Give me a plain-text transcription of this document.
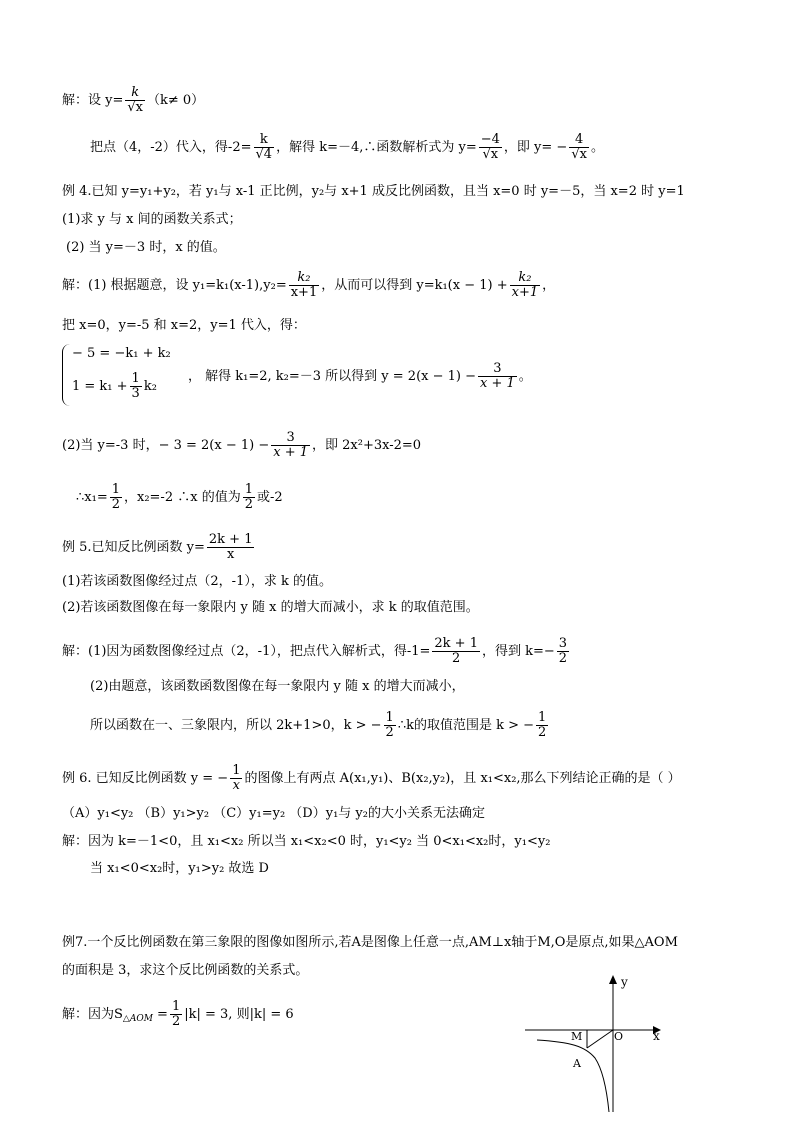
解：设 $y= \frac{k}{√x} (k\ne 0)$
把点（4，-2）代入，得$-2= \frac{k}{√4}$ ，解得 k=－4,∴函数解析式为 $y= \frac{-4}{√x}$ ，即 $y= - \frac{4}{√x}$ 。
例 4.已知 y=y₁+y₂，若 y₁与 x-1 正比例，y₂与 x+1 成反比例函数，且当 x=0 时 y=－5，当 x=2 时 y=1
(1)求 y 与 x 间的函数关系式；
(2) 当 y=－3 时，x 的值。
解：(1) 根据题意，设 $y_1=k_1(x-1),y_2= \frac{\text{k₂}}{x+1}$ ，从而可以得到 $y=k_1(x - 1) + \frac{\text{k₂}}{x+1}$ ，
把 x=0，y=-5 和 x=2，y=1 代入，得：
− 5 = −k₁ + k₂
$1 = k_1 + \frac{1}{3} k_2$
， 解得 k₁=2, k₂=－3 所以得到 $y = 2(x - 1) - \frac{3}{x + 1}$ 。
(2)当 y=-3 时，− $3 = 2(x - 1) - \frac{3}{x + 1}$ ，即 2x²+3x-2=0
∴x₁= $\frac{1}{2}$ ，x₂=-2 ∴x 的值为 $\frac{1}{2}$ 或-2
例 5.已知反比例函数 $y= \frac{2k + 1}{x}$
(1)若该函数图像经过点（2，-1），求 k 的值。
(2)若该函数图像在每一象限内 y 随 x 的增大而减小，求 k 的取值范围。
解：(1)因为函数图像经过点（2，-1），把点代入解析式，得$-1= \frac{2k + 1}{2}$ ，得到 $k=- \frac{3}{2}$
(2)由题意，该函数函数图像在每一象限内 y 随 x 的增大而减小，
所以函数在一、三象限内，所以 2k+1>0，k > − $\frac{1}{2}$ ∴k的取值范围是 k > − $\frac{1}{2}$
例 6. 已知反比例函数 y = − $\frac{1}{x}$ 的图像上有两点 A(x₁,y₁)、B(x₂,y₂)，且 x₁<x₂,那么下列结论正确的是（ ）
（A）y₁<y₂ （B）y₁>y₂ （C）y₁=y₂ （D）y₁与 y₂的大小关系无法确定
解：因为 k=－1<0，且 x₁<x₂ 所以当 x₁<x₂<0 时，y₁<y₂ 当 0<x₁<x₂时，y₁<y₂
当 x₁<0<x₂时，y₁>y₂ 故选 D
例7.一个反比例函数在第三象限的图像如图所示,若A是图像上任意一点,AM⊥x轴于M,O是原点,如果△AOM
的面积是 3，求这个反比例函数的关系式。
解：因为$S_{\triangle AOM} = \frac{1}{2} |k| = 3$, 则|k| = 6
y
x
O
M
A
